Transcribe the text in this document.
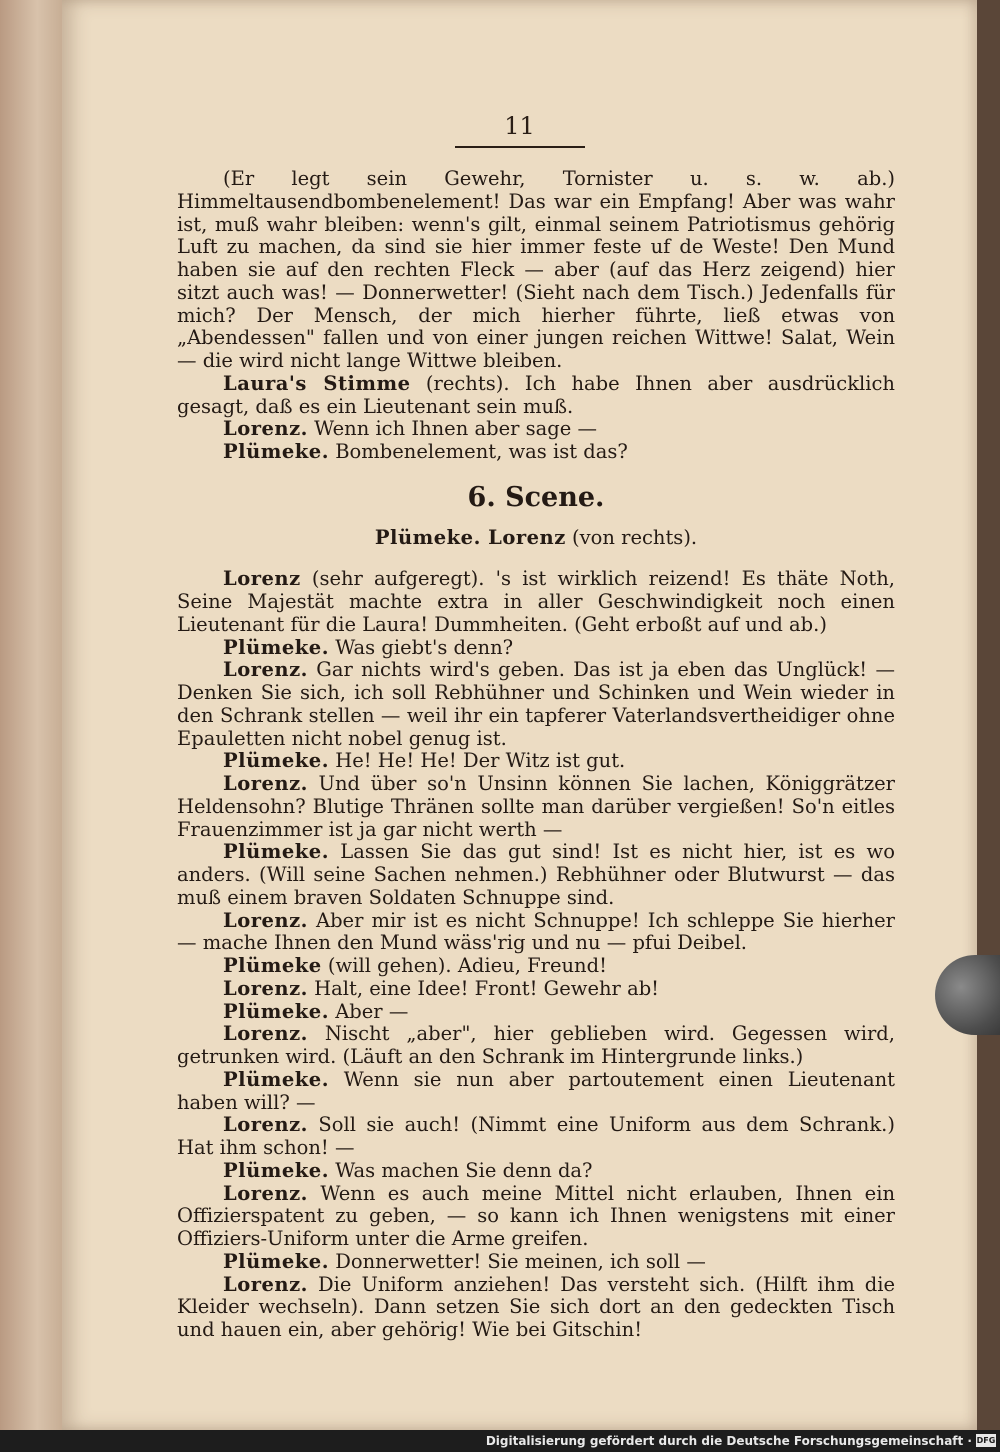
11

(Er legt sein Gewehr, Tornister u. s. w. ab.) Himmeltausendbombenelement! Das war ein Empfang! Aber was wahr ist, muß wahr bleiben: wenn's gilt, einmal seinem Patriotismus gehörig Luft zu machen, da sind sie hier immer feste uf de Weste! Den Mund haben sie auf den rechten Fleck — aber (auf das Herz zeigend) hier sitzt auch was! — Donnerwetter! (Sieht nach dem Tisch.) Jedenfalls für mich? Der Mensch, der mich hierher führte, ließ etwas von „Abendessen" fallen und von einer jungen reichen Wittwe! Salat, Wein — die wird nicht lange Wittwe bleiben.

Laura's Stimme (rechts). Ich habe Ihnen aber ausdrücklich gesagt, daß es ein Lieutenant sein muß.

Lorenz. Wenn ich Ihnen aber sage —

Plümeke. Bombenelement, was ist das?

6. Scene.
Plümeke. Lorenz (von rechts).

Lorenz (sehr aufgeregt). 's ist wirklich reizend! Es thäte Noth, Seine Majestät machte extra in aller Geschwindigkeit noch einen Lieutenant für die Laura! Dummheiten. (Geht erboßt auf und ab.)

Plümeke. Was giebt's denn?

Lorenz. Gar nichts wird's geben. Das ist ja eben das Unglück! — Denken Sie sich, ich soll Rebhühner und Schinken und Wein wieder in den Schrank stellen — weil ihr ein tapferer Vaterlandsvertheidiger ohne Epauletten nicht nobel genug ist.

Plümeke. He! He! He! Der Witz ist gut.

Lorenz. Und über so'n Unsinn können Sie lachen, Königgrätzer Heldensohn? Blutige Thränen sollte man darüber vergießen! So'n eitles Frauenzimmer ist ja gar nicht werth —

Plümeke. Lassen Sie das gut sind! Ist es nicht hier, ist es wo anders. (Will seine Sachen nehmen.) Rebhühner oder Blutwurst — das muß einem braven Soldaten Schnuppe sind.

Lorenz. Aber mir ist es nicht Schnuppe! Ich schleppe Sie hierher — mache Ihnen den Mund wäss'rig und nu — pfui Deibel.

Plümeke (will gehen). Adieu, Freund!

Lorenz. Halt, eine Idee! Front! Gewehr ab!

Plümeke. Aber —

Lorenz. Nischt „aber", hier geblieben wird. Gegessen wird, getrunken wird. (Läuft an den Schrank im Hintergrunde links.)

Plümeke. Wenn sie nun aber partoutement einen Lieutenant haben will? —

Lorenz. Soll sie auch! (Nimmt eine Uniform aus dem Schrank.) Hat ihm schon! —

Plümeke. Was machen Sie denn da?

Lorenz. Wenn es auch meine Mittel nicht erlauben, Ihnen ein Offizierspatent zu geben, — so kann ich Ihnen wenigstens mit einer Offiziers-Uniform unter die Arme greifen.

Plümeke. Donnerwetter! Sie meinen, ich soll —

Lorenz. Die Uniform anziehen! Das versteht sich. (Hilft ihm die Kleider wechseln). Dann setzen Sie sich dort an den gedeckten Tisch und hauen ein, aber gehörig! Wie bei Gitschin!

Digitalisierung gefördert durch die Deutsche Forschungsgemeinschaft · DFG
